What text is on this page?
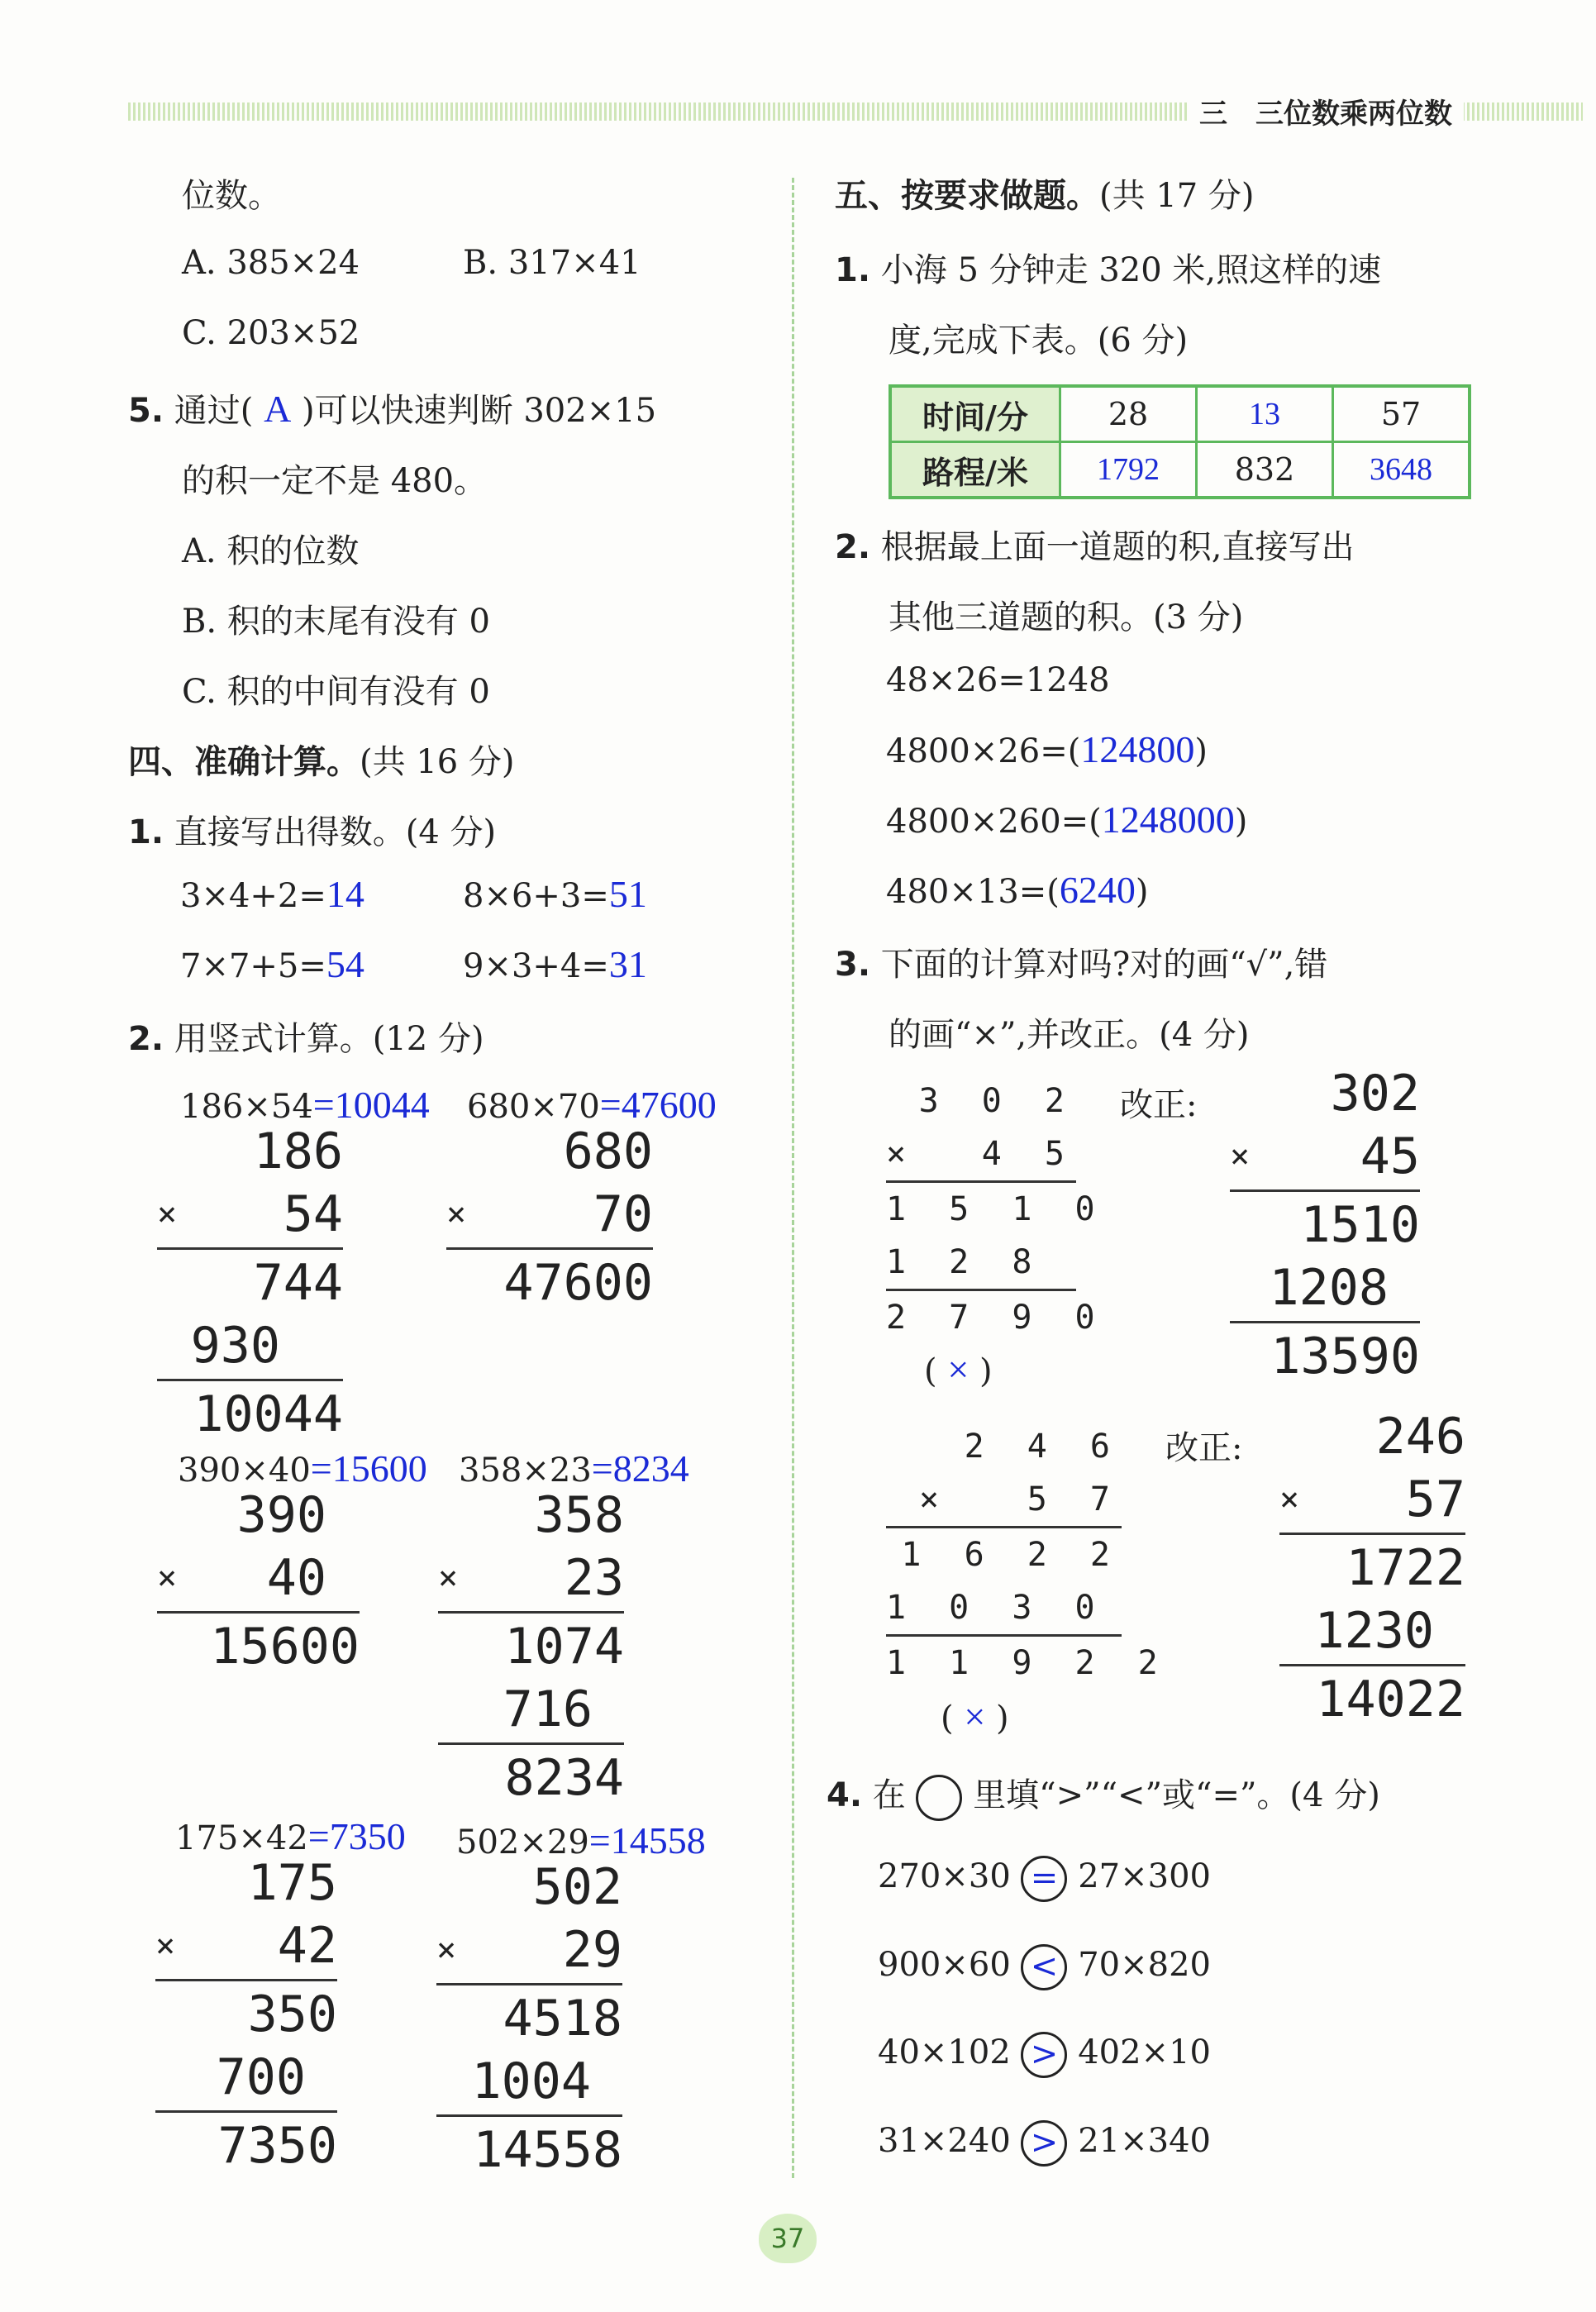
三　三位数乘两位数
位数。
A. 385×24	B. 317×41
C. 203×52
5. 通过( A )可以快速判断 302×15
的积一定不是 480。
A. 积的位数
B. 积的末尾有没有 0
C. 积的中间有没有 0
四、准确计算。(共 16 分)
1. 直接写出得数。(4 分)
3×4+2=14	8×6+3=51
7×7+5=54	9×3+4=31
2. 用竖式计算。(12 分)
186×54=10044
186
× 54
744
930
10044
680×70=47600
680
×	70
47600
390×40=15600
390
× 40
15600
358×23=8234
358
× 23
1074
716
8234
175×42=7350
175
× 42
350
700
7350
502×29=14558
502
× 29
4518
1004
14558
五、按要求做题。(共 17 分)
1. 小海 5 分钟走 320 米,照这样的速
度,完成下表。(6 分)
时间/分	28	13	57
路程/米	1792	832	3648
2. 根据最上面一道题的积,直接写出
其他三道题的积。(3 分)
48×26=1248
4800×26=(124800)
4800×260=(1248000)
480×13=(6240)
3. 下面的计算对吗?对的画“√”,错
的画“×”,并改正。(4 分)
3 0 2
× 4 5
1 5 1 0
1 2 8
2 7 9 0
( × )
改正:	302
× 45
1510
1208
13590
2 4 6
× 5 7
1 6 2 2
1 0 3 0
1 1 9 2 2
( × )
改正:	246
× 57
1722
1230
14022
4. 在 里填“>”“<”或“=”。(4 分)
270×30 = 27×300
900×60 < 70×820
40×102 > 402×10
31×240 > 21×340
37
